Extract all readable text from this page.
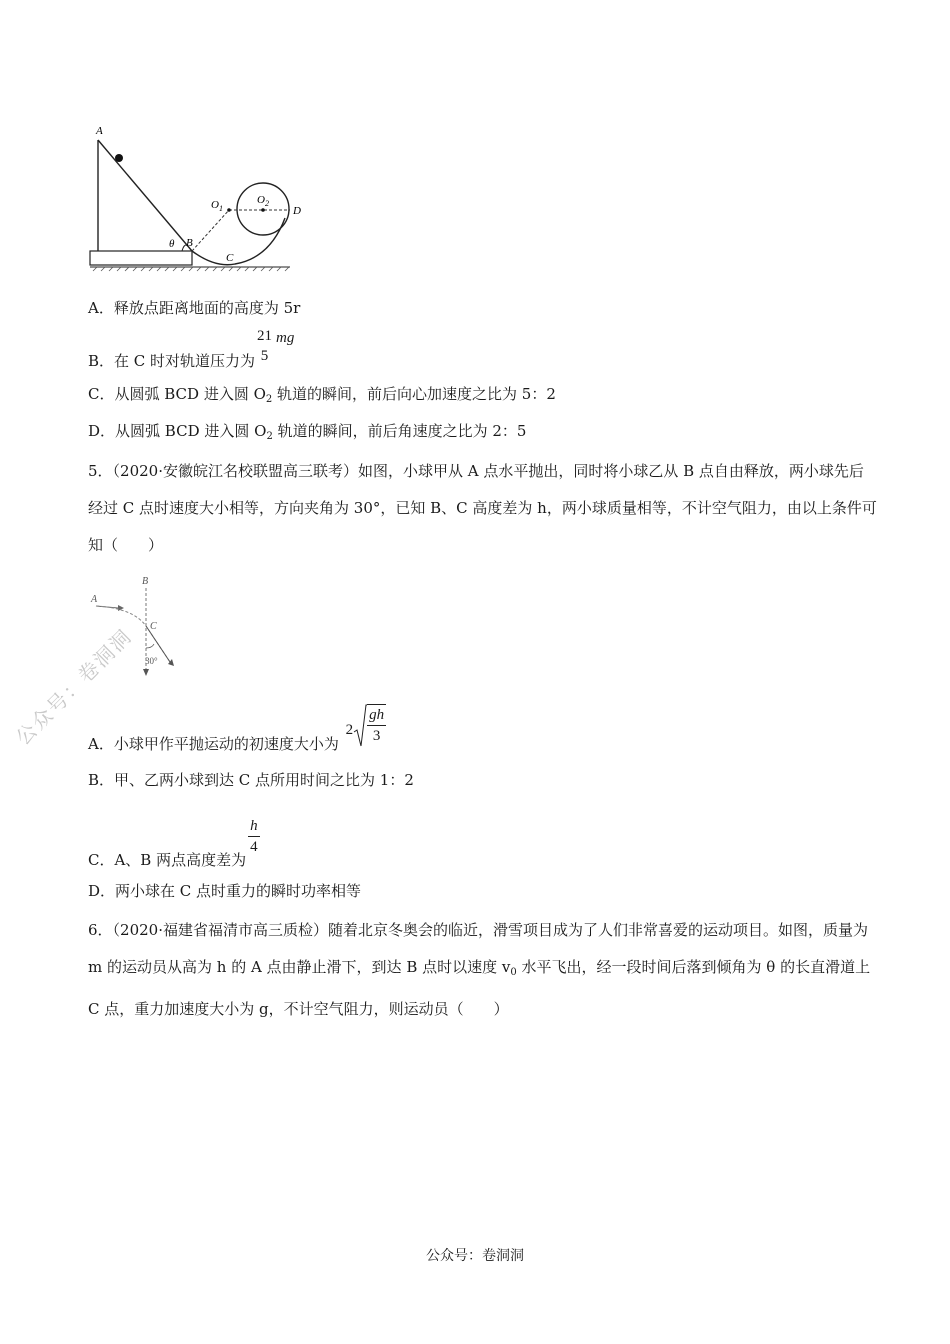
A
θ B
C
D
$O_1$
$O_2$
A．释放点距离地面的高度为 5r
B．在 C 时对轨道压力为
21
5
mg
C．从圆弧 BCD 进入圆 $O_2$ 轨道的瞬间，前后向心加速度之比为 5：2
D．从圆弧 BCD 进入圆 $O_2$ 轨道的瞬间，前后角速度之比为 2：5
5．（2020·安徽皖江名校联盟高三联考）如图，小球甲从 A 点水平抛出，同时将小球乙从 B 点自由释放，两小球先后经过 C 点时速度大小相等，方向夹角为 30°，已知 B、C 高度差为 h，两小球质量相等，不计空气阻力，由以上条件可知（　　）
A
B
C
30°
公众号：卷洞洞
A．小球甲作平抛运动的初速度大小为 $2 \frac{gh}{3}$
B．甲、乙两小球到达 C 点所用时间之比为 1：2
C．A、B 两点高度差为
$\frac{h}{4}$
D．两小球在 C 点时重力的瞬时功率相等
6．（2020·福建省福清市高三质检）随着北京冬奥会的临近，滑雪项目成为了人们非常喜爱的运动项目。如图，质量为 m 的运动员从高为 h 的 A 点由静止滑下，到达 B 点时以速度 $v_0$ 水平飞出，经一段时间后落到倾角为 θ 的长直滑道上 C 点，重力加速度大小为 g，不计空气阻力，则运动员（　　）
公众号：卷洞洞
